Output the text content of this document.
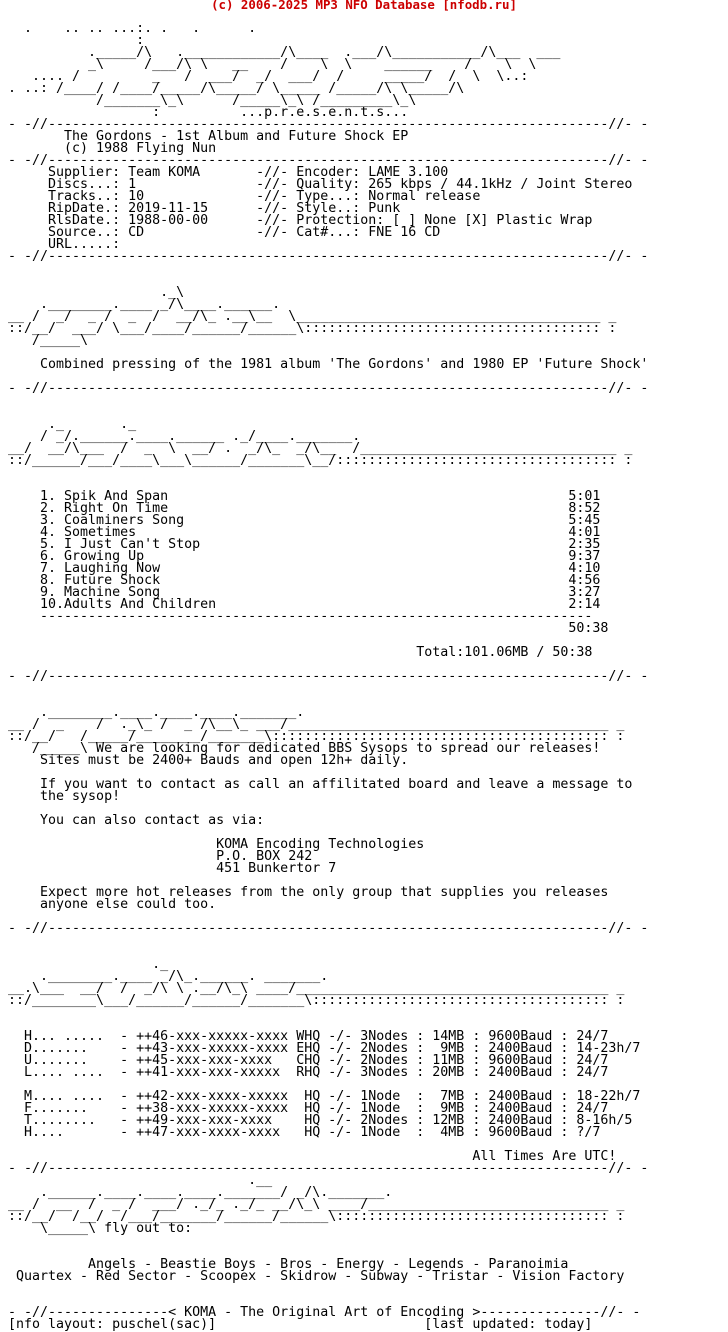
(c) 2006-2025 MP3 NFO Database [nfodb.ru]

.    .. .. ...:. .   .      .
:
._____/\   .____________/\____  .___/\___________/\___  ___
_\     /___/\ \   __    /    \  \    ______    /    \  \
.... /         _   /  ___/  _/  ___/  /     _____/  /  \  \..:
. ..: /____/ /____/_____/\_____/ \_____ /_____/\ \_____/\
/_______\_\      /_____\_\ /_________\_\
:          ...p.r.e.s.e.n.t.s...
- -//----------------------------------------------------------------------//- -
The Gordons - 1st Album and Future Shock EP
(c) 1988 Flying Nun
- -//----------------------------------------------------------------------//- -
Supplier: Team KOMA       -//- Encoder: LAME 3.100
Discs...: 1               -//- Quality: 265 kbps / 44.1kHz / Joint Stereo
Tracks..: 10              -//- Type...: Normal release
RipDate.: 2019-11-15      -//- Style..: Punk
RlsDate.: 1988-00-00      -//- Protection: [ ] None [X] Plastic Wrap
Source..: CD              -//- Cat#...: FNE 16 CD
URL.....:
- -//----------------------------------------------------------------------//- -

._\
.________.____ _/\____.______.
__ /  _/  _ /  _  /  __/\_ .__\__  \______________________________________ _
::/__/  ___/ \___/____/______/______\::::::::::::::::::::::::::::::::::::: :
/_____\

Combined pressing of the 1981 album 'The Gordons' and 1980 EP 'Future Shock'

- -//----------------------------------------------------------------------//- -

._       ._
/ _/.______.____.______ ._/____._______.
__/  __/\___  /  _  \  __/ .  _/\_  _/\__  /________________________________ _
::/______/___/____\___\______/_______\__/::::::::::::::::::::::::::::::::::: :

1. Spik And Span                                                  5:01
2. Right On Time                                                  8:52
3. Coalminers Song                                                5:45
4. Sometimes                                                      4:01
5. I Just Can't Stop                                              2:35
6. Growing Up                                                     9:37
7. Laughing Now                                                   4:10
8. Future Shock                                                   4:56
9. Machine Song                                                   3:27
10.Adults And Children                                            2:14
---------------------------------------------------------------------
50:38

Total:101.06MB / 50:38

- -//----------------------------------------------------------------------//- -

.________.____.____.____._______.
__ /  _    /  ._\_ /  _ /\__\_ ___/________________________________________ _
::/__/   /_____/________/_______\:::::::::::::::::::::::::::::::::::::::::: :
/_____\ We are looking for dedicated BBS Sysops to spread our releases!
Sites must be 2400+ Bauds and open 12h+ daily.

If you want to contact as call an affilitated board and leave a message to
the sysop!

You can also contact as via:

KOMA Encoding Technologies
P.O. BOX 242
451 Bunkertor 7

Expect more hot releases from the only group that supplies you releases
anyone else could too.

- -//----------------------------------------------------------------------//- -

._
.________.____ _/\_.______. _______.
__.\___  __/  /  _/\ \ .__/\_\ ____/_______________________________________ _
::/________\___/______/______/_______\::::::::::::::::::::::::::::::::::::: :

H... .....  - ++46-xxx-xxxxx-xxxx WHQ -/- 3Nodes : 14MB : 9600Baud : 24/7
D.......    - ++43-xxx-xxxxx-xxxx EHQ -/- 2Nodes :  9MB : 2400Baud : 14-23h/7
U.......    - ++45-xxx-xxx-xxxx   CHQ -/- 2Nodes : 11MB : 9600Baud : 24/7
L.... ....  - ++41-xxx-xxx-xxxxx  RHQ -/- 3Nodes : 20MB : 2400Baud : 24/7

M.... ....  - ++42-xxx-xxxx-xxxxx  HQ -/- 1Node  :  7MB : 2400Baud : 18-22h/7
F.......    - ++38-xxx-xxxxx-xxxx  HQ -/- 1Node  :  9MB : 2400Baud : 24/7
T........   - ++49-xxx-xxx-xxxx    HQ -/- 2Nodes : 12MB : 2400Baud : 8-16h/5
H....       - ++47-xxx-xxxx-xxxx   HQ -/- 1Node  :  4MB : 9600Baud : ?/7

All Times Are UTC!
- -//----------------------------------------------------------------------//- -
.__
.______.____.____.____._______/ _/\._______.
__ /  __  /  _ /  ___/ ._/_ ._/_ __/\_\ ____/______________________________ _
::/__/  /__/  /___/_______/______/______\:::::::::::::::::::::::::::::::::: :
\_____\ fly out to:

Angels - Beastie Boys - Bros - Energy - Legends - Paranoimia
Quartex - Red Sector - Scoopex - Skidrow - Subway - Tristar - Vision Factory

- -//---------------< KOMA - The Original Art of Encoding >---------------//- -
[nfo layout: puschel(sac)]                          [last updated: today]
